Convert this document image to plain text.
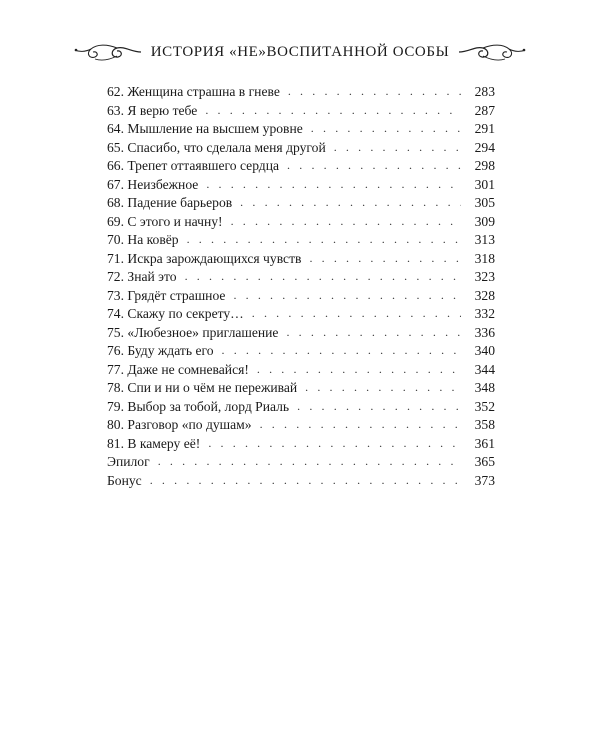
ИСТОРИЯ «НЕ»ВОСПИТАННОЙ ОСОБЫ
62. Женщина страшна в гневе . . .	283
63. Я верю тебе . . .	287
64. Мышление на высшем уровне . . .	291
65. Спасибо, что сделала меня другой . . .	294
66. Трепет оттаявшего сердца . . .	298
67. Неизбежное . . .	301
68. Падение барьеров . . .	305
69. С этого и начну! . . .	309
70. На ковёр . . .	313
71. Искра зарождающихся чувств . . .	318
72. Знай это . . .	323
73. Грядёт страшное . . .	328
74. Скажу по секрету… . . .	332
75. «Любезное» приглашение . . .	336
76. Буду ждать его . . .	340
77. Даже не сомневайся! . . .	344
78. Спи и ни о чём не переживай . . .	348
79. Выбор за тобой, лорд Риаль . . .	352
80. Разговор «по душам» . . .	358
81. В камеру её! . . .	361
Эпилог . . .	365
Бонус . . .	373
